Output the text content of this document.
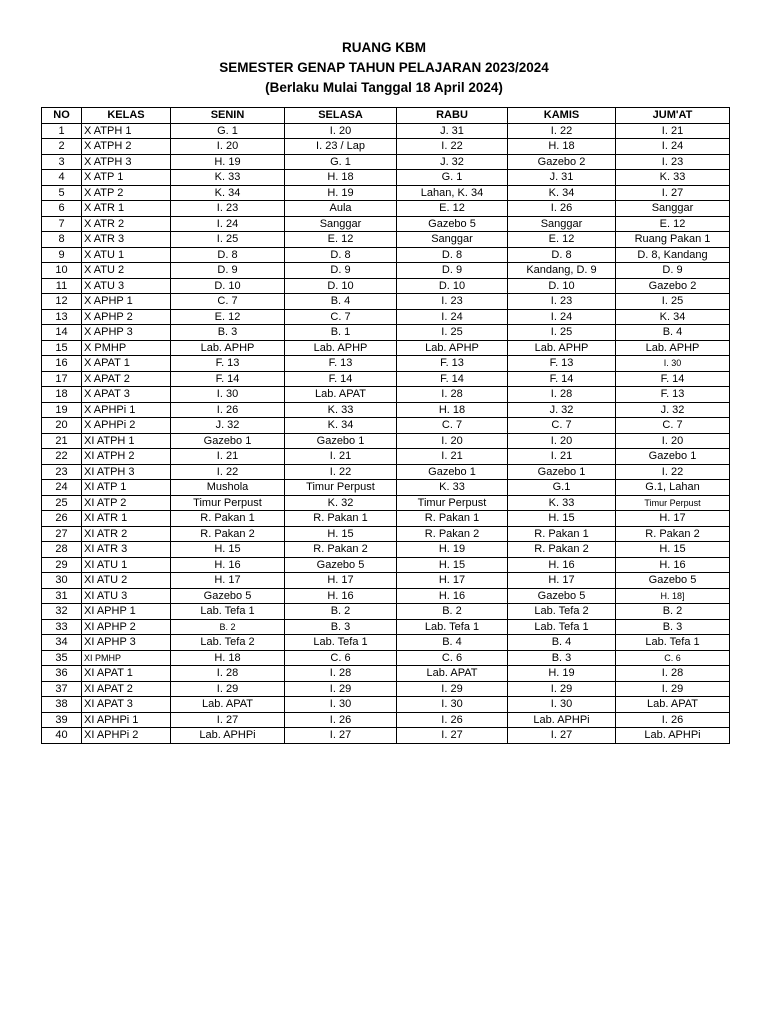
RUANG KBM
SEMESTER GENAP TAHUN PELAJARAN 2023/2024
(Berlaku Mulai Tanggal 18 April 2024)
NO	KELAS	SENIN	SELASA	RABU	KAMIS	JUM'AT
1	X ATPH 1	G. 1	I. 20	J. 31	I. 22	I. 21
2	X ATPH 2	I. 20	I. 23 / Lap	I. 22	H. 18	I. 24
3	X ATPH 3	H. 19	G. 1	J. 32	Gazebo 2	I. 23
4	X ATP 1	K. 33	H. 18	G. 1	J. 31	K. 33
5	X ATP 2	K. 34	H. 19	Lahan, K. 34	K. 34	I. 27
6	X ATR 1	I. 23	Aula	E. 12	I. 26	Sanggar
7	X ATR 2	I. 24	Sanggar	Gazebo 5	Sanggar	E. 12
8	X ATR 3	I. 25	E. 12	Sanggar	E. 12	Ruang Pakan 1
9	X ATU 1	D. 8	D. 8	D. 8	D. 8	D. 8, Kandang
10	X ATU 2	D. 9	D. 9	D. 9	Kandang, D. 9	D. 9
11	X ATU 3	D. 10	D. 10	D. 10	D. 10	Gazebo 2
12	X APHP 1	C. 7	B. 4	I. 23	I. 23	I. 25
13	X APHP 2	E. 12	C. 7	I. 24	I. 24	K. 34
14	X APHP 3	B. 3	B. 1	I. 25	I. 25	B. 4
15	X PMHP	Lab. APHP	Lab. APHP	Lab. APHP	Lab. APHP	Lab. APHP
16	X APAT 1	F. 13	F. 13	F. 13	F. 13	I. 30
17	X APAT 2	F. 14	F. 14	F. 14	F. 14	F. 14
18	X APAT 3	I. 30	Lab. APAT	I. 28	I. 28	F. 13
19	X APHPi 1	I. 26	K. 33	H. 18	J. 32	J. 32
20	X APHPi 2	J. 32	K. 34	C. 7	C. 7	C. 7
21	XI ATPH 1	Gazebo 1	Gazebo 1	I. 20	I. 20	I. 20
22	XI ATPH 2	I. 21	I. 21	I. 21	I. 21	Gazebo 1
23	XI ATPH 3	I. 22	I. 22	Gazebo 1	Gazebo 1	I. 22
24	XI ATP 1	Mushola	Timur Perpust	K. 33	G.1	G.1, Lahan
25	XI ATP 2	Timur Perpust	K. 32	Timur Perpust	K. 33	Timur Perpust
26	XI ATR 1	R. Pakan 1	R. Pakan 1	R. Pakan 1	H. 15	H. 17
27	XI ATR 2	R. Pakan 2	H. 15	R. Pakan 2	R. Pakan 1	R. Pakan 2
28	XI ATR 3	H. 15	R. Pakan 2	H. 19	R. Pakan 2	H. 15
29	XI ATU 1	H. 16	Gazebo 5	H. 15	H. 16	H. 16
30	XI ATU 2	H. 17	H. 17	H. 17	H. 17	Gazebo 5
31	XI ATU 3	Gazebo 5	H. 16	H. 16	Gazebo 5	H. 18]
32	XI APHP 1	Lab. Tefa 1	B. 2	B. 2	Lab. Tefa 2	B. 2
33	XI APHP 2	B. 2	B. 3	Lab. Tefa 1	Lab. Tefa 1	B. 3
34	XI APHP 3	Lab. Tefa 2	Lab. Tefa 1	B. 4	B. 4	Lab. Tefa 1
35	XI PMHP	H. 18	C. 6	C. 6	B. 3	C. 6
36	XI APAT 1	I. 28	I. 28	Lab. APAT	H. 19	I. 28
37	XI APAT 2	I. 29	I. 29	I. 29	I. 29	I. 29
38	XI APAT 3	Lab. APAT	I. 30	I. 30	I. 30	Lab. APAT
39	XI APHPi 1	I. 27	I. 26	I. 26	Lab. APHPi	I. 26
40	XI APHPi 2	Lab. APHPi	I. 27	I. 27	I. 27	Lab. APHPi
